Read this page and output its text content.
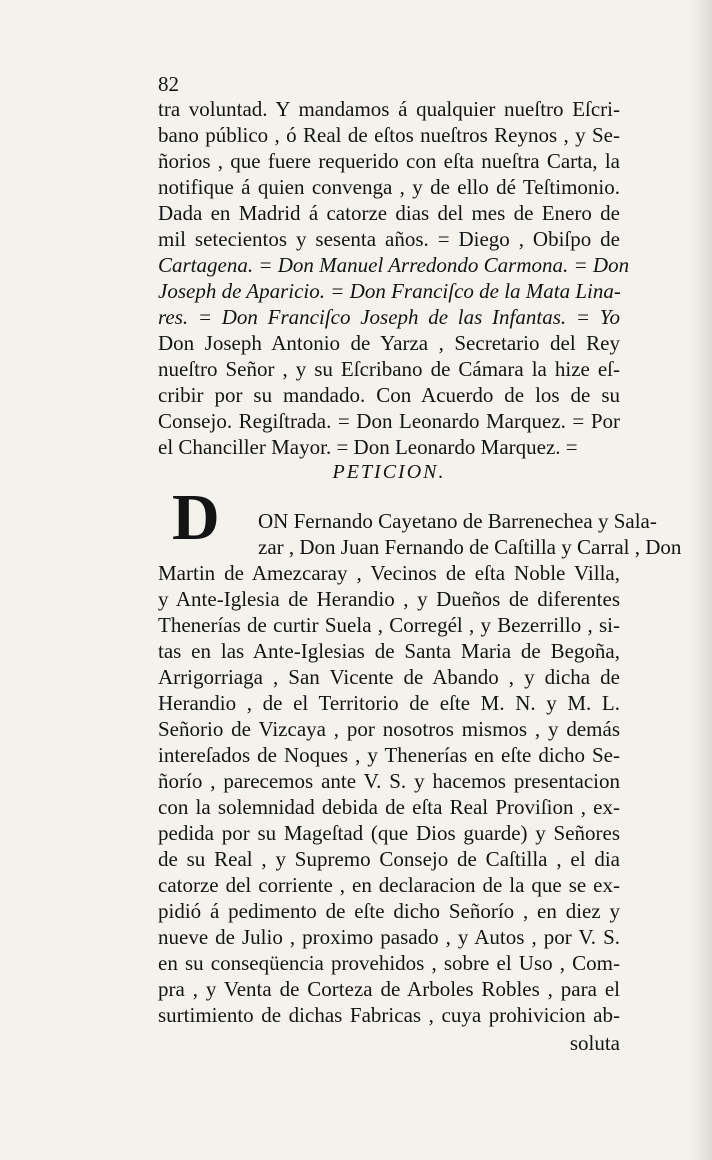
82
tra voluntad. Y mandamos á qualquier nueſtro Eſcri-
bano público , ó Real de eſtos nueſtros Reynos , y Se-
ñorios , que fuere requerido con eſta nueſtra Carta, la
notifique á quien convenga , y de ello dé Teſtimonio.
Dada en Madrid á catorze dias del mes de Enero de
mil setecientos y sesenta años. = Diego , Obiſpo de
Cartagena. = Don Manuel Arredondo Carmona. = Don
Joseph de Aparicio. = Don Franciſco de la Mata Lina-
res. = Don Franciſco Joseph de las Infantas. = Yo
Don Joseph Antonio de Yarza , Secretario del Rey
nueſtro Señor , y su Eſcribano de Cámara la hize eſ-
cribir por su mandado. Con Acuerdo de los de su
Consejo. Regiſtrada. = Don Leonardo Marquez. = Por
el Chanciller Mayor. = Don Leonardo Marquez. =
PETICION.
D ON Fernando Cayetano de Barrenechea y Sala-
zar , Don Juan Fernando de Caſtilla y Carral , Don
Martin de Amezcaray , Vecinos de eſta Noble Villa,
y Ante-Iglesia de Herandio , y Dueños de diferentes
Thenerías de curtir Suela , Corregél , y Bezerrillo , si-
tas en las Ante-Iglesias de Santa Maria de Begoña,
Arrigorriaga , San Vicente de Abando , y dicha de
Herandio , de el Territorio de eſte M. N. y M. L.
Señorio de Vizcaya , por nosotros mismos , y demás
intereſados de Noques , y Thenerías en eſte dicho Se-
ñorío , parecemos ante V. S. y hacemos presentacion
con la solemnidad debida de eſta Real Proviſion , ex-
pedida por su Mageſtad (que Dios guarde) y Señores
de su Real , y Supremo Consejo de Caſtilla , el dia
catorze del corriente , en declaracion de la que se ex-
pidió á pedimento de eſte dicho Señorío , en diez y
nueve de Julio , proximo pasado , y Autos , por V. S.
en su conseqüencia provehidos , sobre el Uso , Com-
pra , y Venta de Corteza de Arboles Robles , para el
surtimiento de dichas Fabricas , cuya prohivicion ab-
soluta
